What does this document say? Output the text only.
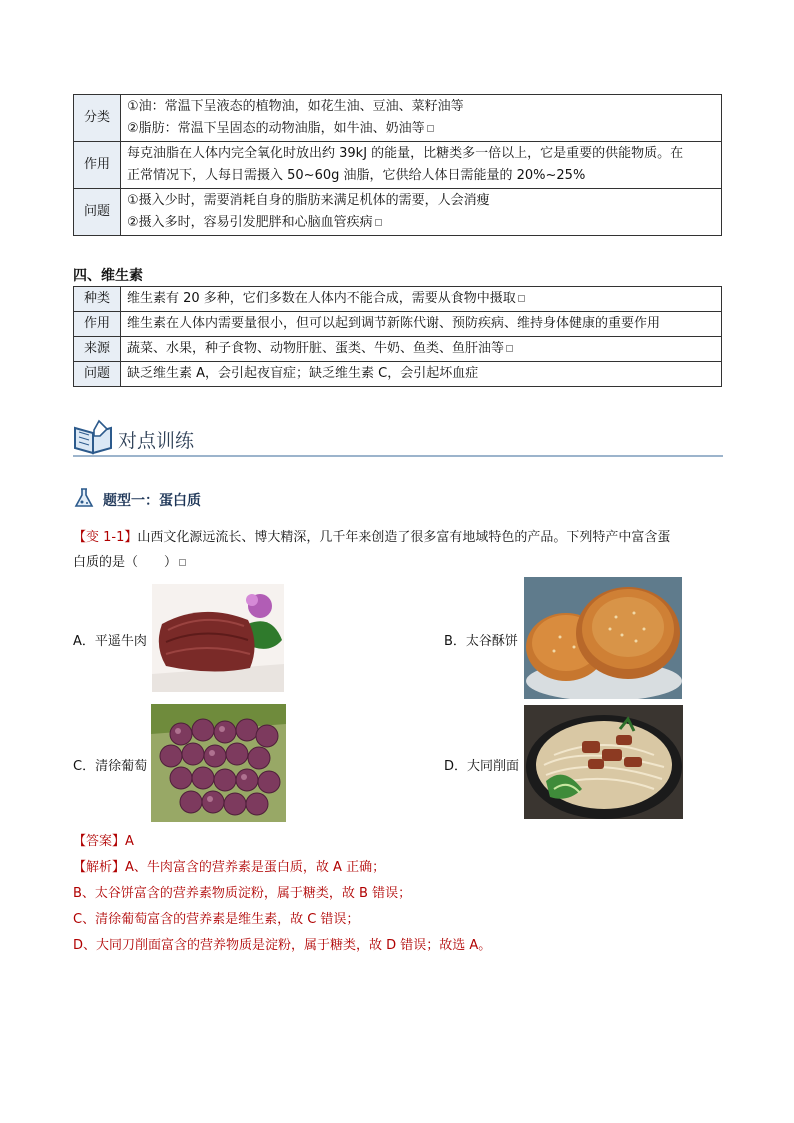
分类	①油：常温下呈液态的植物油，如花生油、豆油、菜籽油等
②脂肪：常温下呈固态的动物油脂，如牛油、奶油等

作用	每克油脂在人体内完全氧化时放出约 39kJ 的能量，比糖类多一倍以上，它是重要的供能物质。在
正常情况下，人每日需摄入 50~60g 油脂，它供给人体日需能量的 20%~25%

问题	①摄入少时，需要消耗自身的脂肪来满足机体的需要，人会消瘦
②摄入多时，容易引发肥胖和心脑血管疾病
四、维生素
种类	维生素有 20 多种，它们多数在人体内不能合成，需要从食物中摄取
作用	维生素在人体内需要量很小，但可以起到调节新陈代谢、预防疾病、维持身体健康的重要作用
来源	蔬菜、水果，种子食物、动物肝脏、蛋类、牛奶、鱼类、鱼肝油等
问题	缺乏维生素 A，会引起夜盲症；缺乏维生素 C，会引起坏血症
对点训练
题型一：蛋白质
【变 1-1】山西文化源远流长、博大精深，几千年来创造了很多富有地域特色的产品。下列特产中富含蛋
白质的是（　　）
A．平遥牛肉	B．太谷酥饼
C．清徐葡萄	D．大同削面
【答案】A
【解析】A、牛肉富含的营养素是蛋白质，故 A 正确；
B、太谷饼富含的营养素物质淀粉，属于糖类，故 B 错误；
C、清徐葡萄富含的营养素是维生素，故 C 错误；
D、大同刀削面富含的营养物质是淀粉，属于糖类，故 D 错误；故选 A。
